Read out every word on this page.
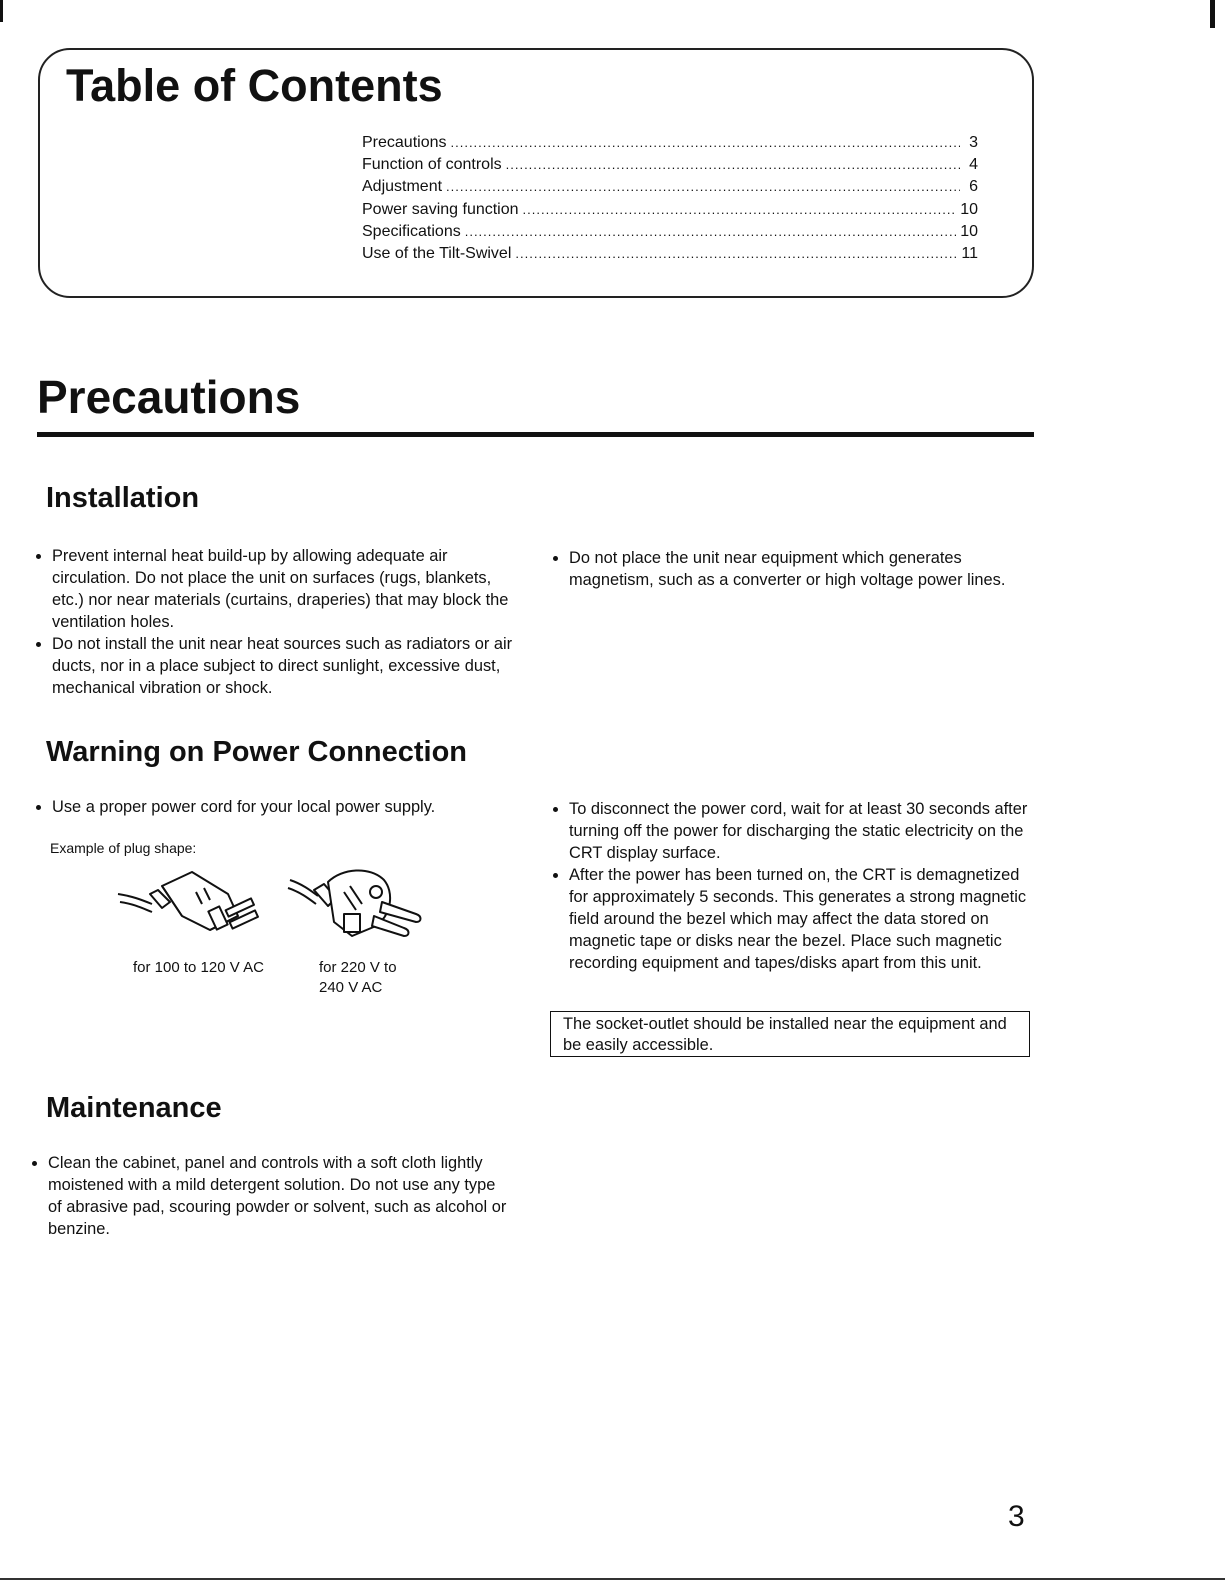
Table of Contents
Precautions .....	3
Function of controls .....	4
Adjustment .....	6
Power saving function .....	10
Specifications .....	10
Use of the Tilt-Swivel .....	11
Precautions
Installation
Prevent internal heat build-up by allowing adequate air circulation. Do not place the unit on surfaces (rugs, blankets, etc.) nor near materials (curtains, draperies) that may block the ventilation holes.
Do not install the unit near heat sources such as radiators or air ducts, nor in a place subject to direct sunlight, excessive dust, mechanical vibration or shock.
Do not place the unit near equipment which generates magnetism, such as a converter or high voltage power lines.
Warning on Power Connection
Use a proper power cord for your local power supply.
Example of plug shape:
for 100 to 120 V AC	for 220 V to 240 V AC
To disconnect the power cord, wait for at least 30 seconds after turning off the power for discharging the static electricity on the CRT display surface.
After the power has been turned on, the CRT is demagnetized for approximately 5 seconds. This generates a strong magnetic field around the bezel which may affect the data stored on magnetic tape or disks near the bezel. Place such magnetic recording equipment and tapes/disks apart from this unit.
The socket-outlet should be installed near the equipment and be easily accessible.
Maintenance
Clean the cabinet, panel and controls with a soft cloth lightly moistened with a mild detergent solution. Do not use any type of abrasive pad, scouring powder or solvent, such as alcohol or benzine.
3
